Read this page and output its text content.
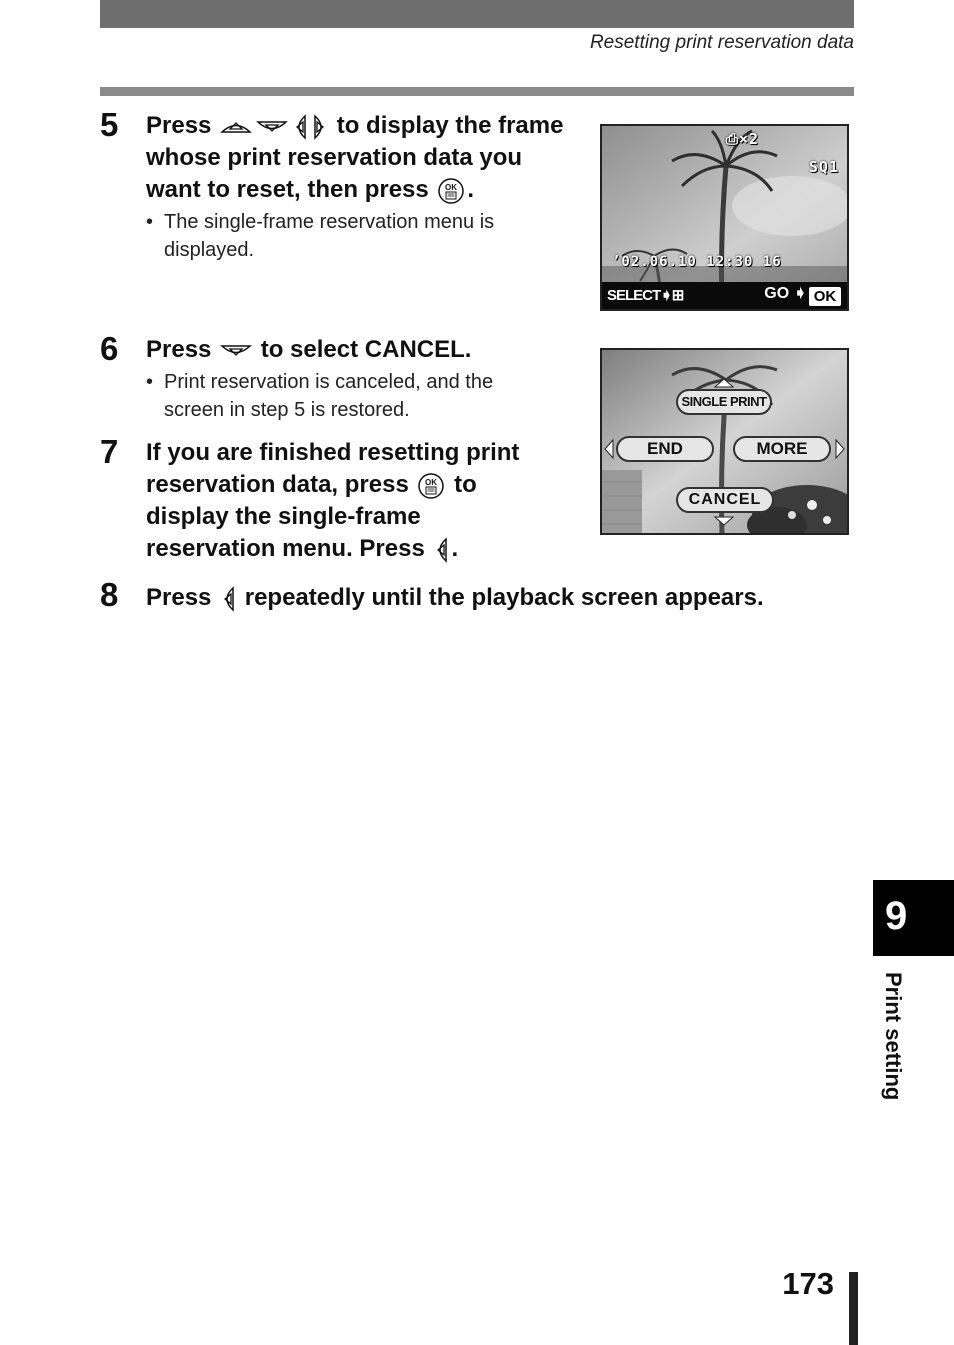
Resetting print reservation data
5 Press	to display the frame
whose print reservation data you
want to reset, then press OK .
• The single-frame reservation menu is
displayed.
⎙×2
SQ1
’02.06.10 12:30 16
SELECT➧⊞	GO ➧ OK
6 Press to select CANCEL.
• Print reservation is canceled, and the
screen in step 5 is restored.	SINGLE PRINT
END	MORE
CANCEL
7 If you are finished resetting print
reservation data, press OK to
display the single-frame
reservation menu. Press .
8 Press repeatedly until the playback screen appears.
9
Print setting
173
